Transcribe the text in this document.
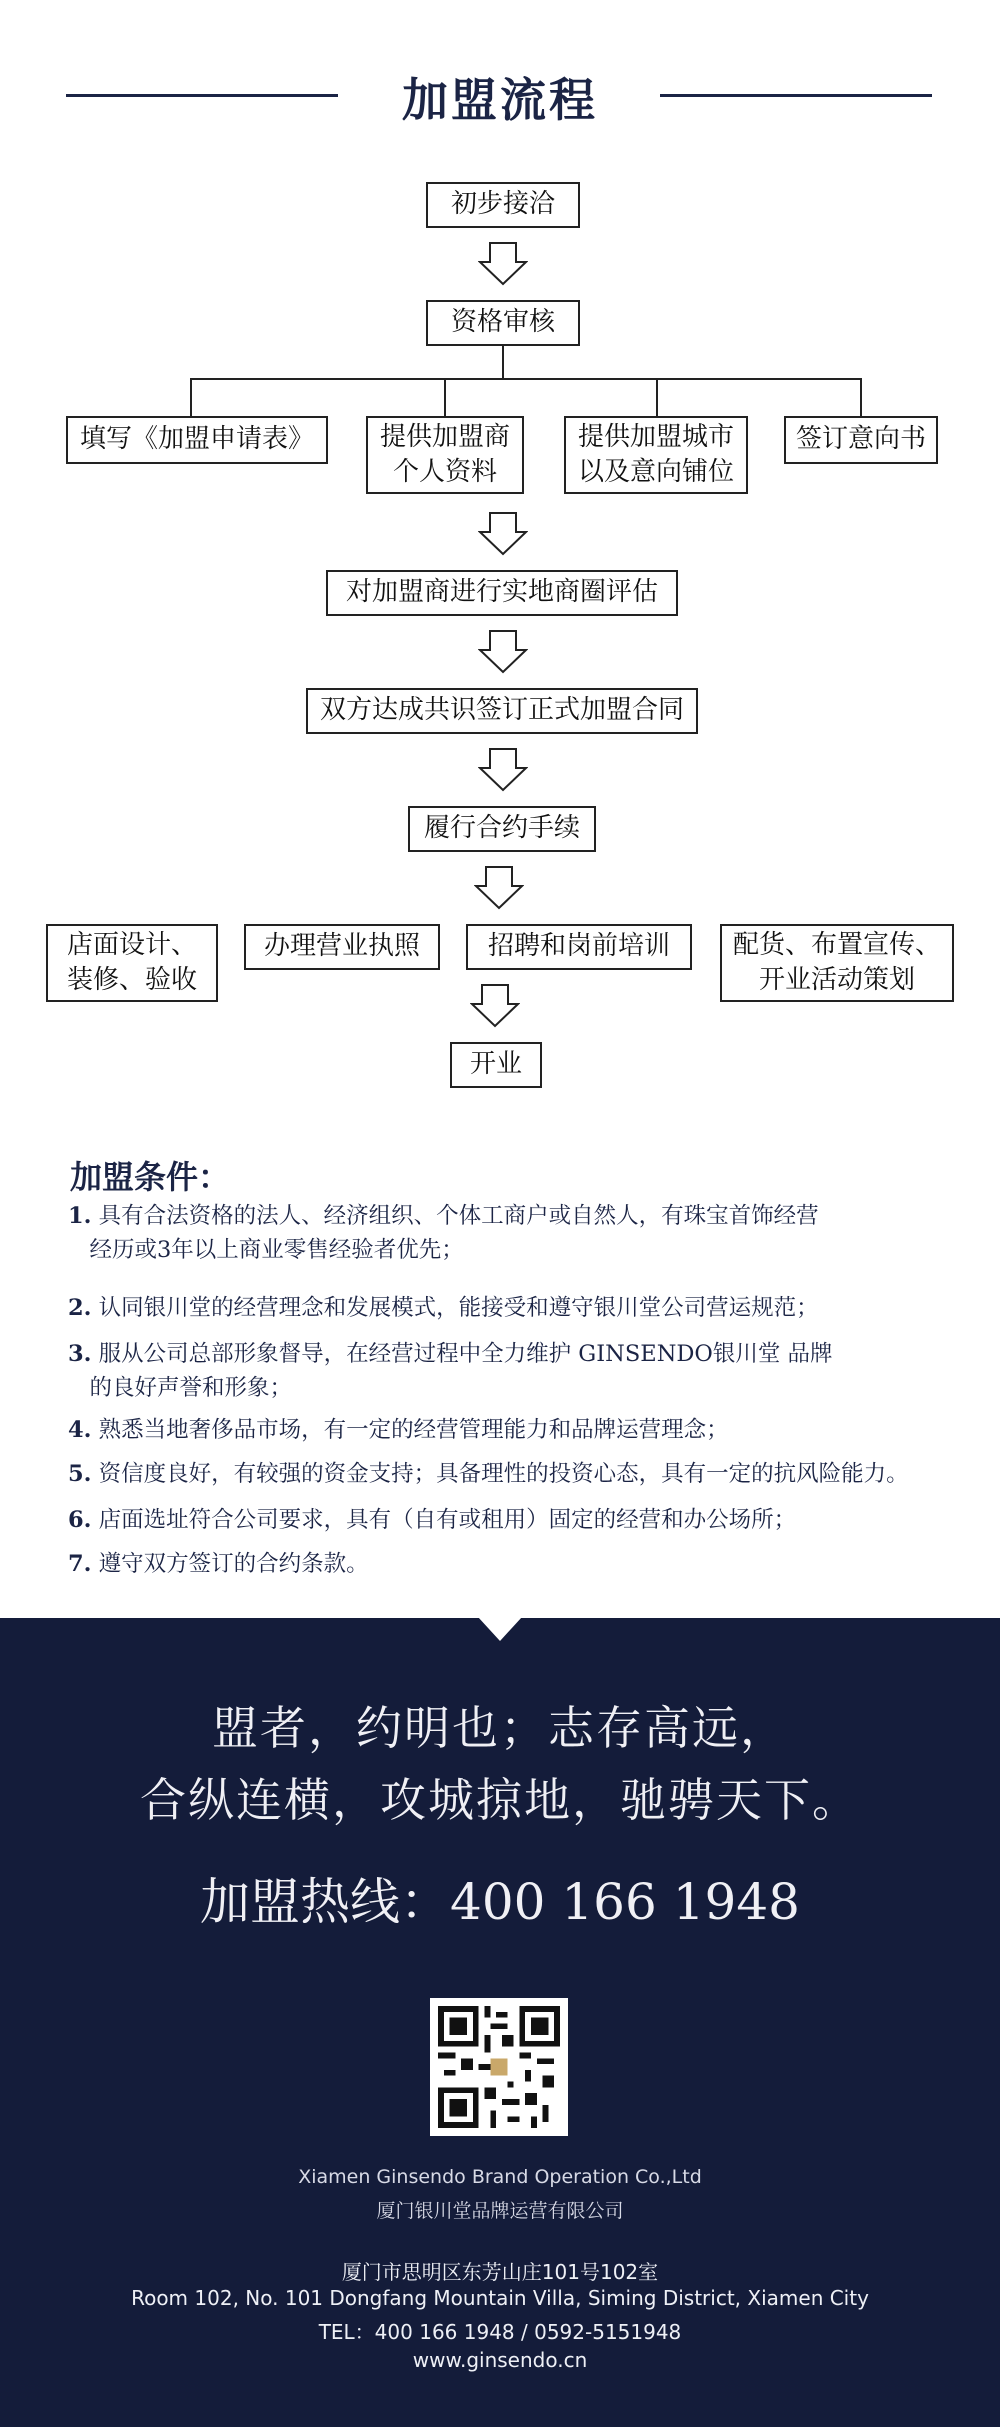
加盟流程
初步接洽
资格审核
填写《加盟申请表》	提供加盟商
个人资料
提供加盟城市
以及意向铺位
签订意向书
对加盟商进行实地商圈评估
双方达成共识签订正式加盟合同
履行合约手续
店面设计、
装修、验收
办理营业执照	招聘和岗前培训 配货、布置宣传、
开业活动策划
开业
加盟条件：
1. 具有合法资格的法人、经济组织、个体工商户或自然人，有珠宝首饰经营
经历或3年以上商业零售经验者优先；
2. 认同银川堂的经营理念和发展模式，能接受和遵守银川堂公司营运规范；
3. 服从公司总部形象督导，在经营过程中全力维护 GINSENDO银川堂 品牌
的良好声誉和形象；
4. 熟悉当地奢侈品市场，有一定的经营管理能力和品牌运营理念；
5. 资信度良好，有较强的资金支持；具备理性的投资心态，具有一定的抗风险能力。
6. 店面选址符合公司要求，具有（自有或租用）固定的经营和办公场所；
7. 遵守双方签订的合约条款。
盟者，约明也；志存高远，
合纵连横，攻城掠地，驰骋天下。
加盟热线：400 166 1948
Xiamen Ginsendo Brand Operation Co.,Ltd
厦门银川堂品牌运营有限公司
厦门市思明区东芳山庄101号102室
Room 102, No. 101 Dongfang Mountain Villa, Siming District, Xiamen City
TEL：400 166 1948 / 0592-5151948
www.ginsendo.cn
